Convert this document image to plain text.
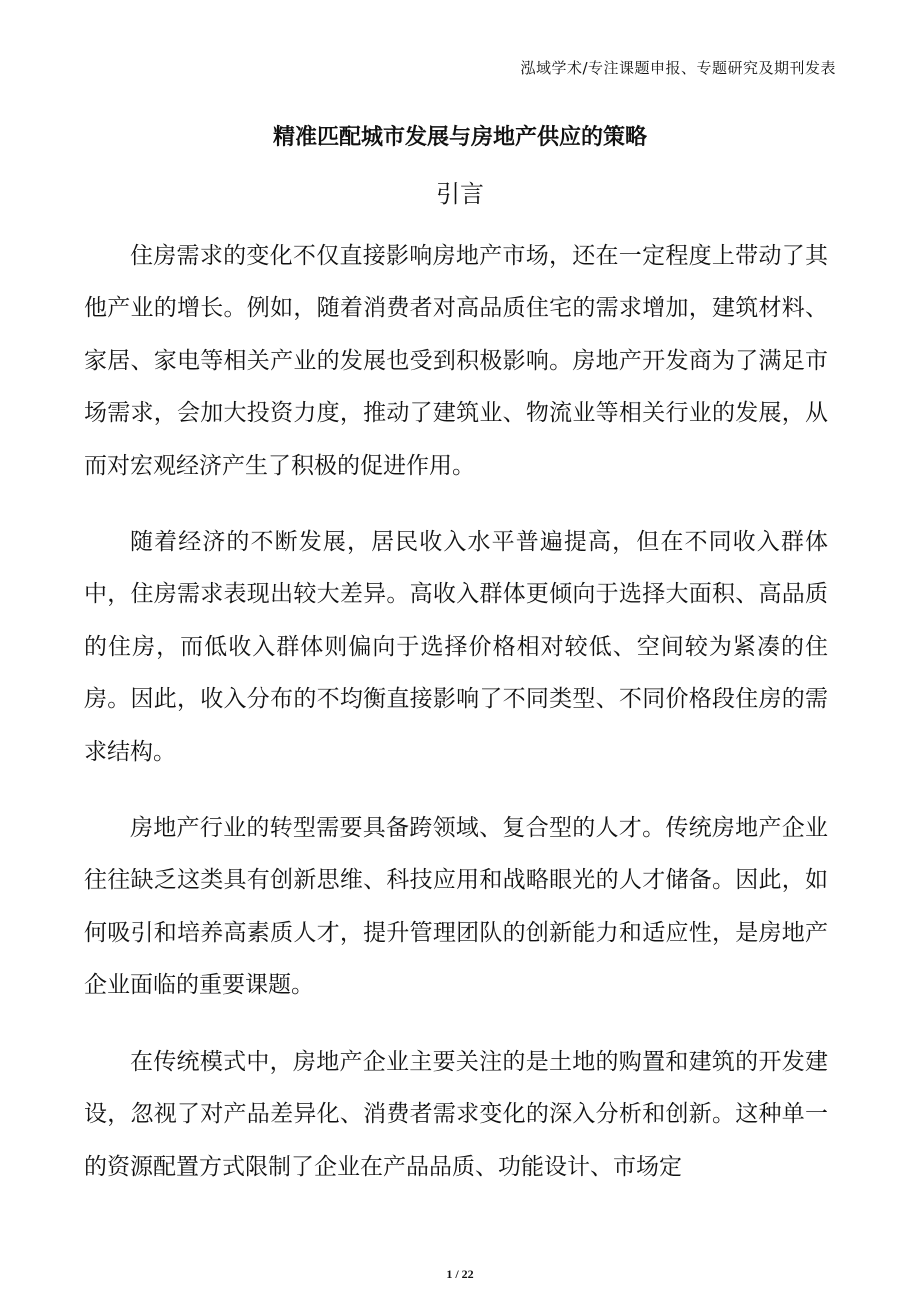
泓域学术/专注课题申报、专题研究及期刊发表
精准匹配城市发展与房地产供应的策略
引言

住房需求的变化不仅直接影响房地产市场，还在一定程度上带动了其他产业的增长。例如，随着消费者对高品质住宅的需求增加，建筑材料、家居、家电等相关产业的发展也受到积极影响。房地产开发商为了满足市场需求，会加大投资力度，推动了建筑业、物流业等相关行业的发展，从而对宏观经济产生了积极的促进作用。

随着经济的不断发展，居民收入水平普遍提高，但在不同收入群体中，住房需求表现出较大差异。高收入群体更倾向于选择大面积、高品质的住房，而低收入群体则偏向于选择价格相对较低、空间较为紧凑的住房。因此，收入分布的不均衡直接影响了不同类型、不同价格段住房的需求结构。

房地产行业的转型需要具备跨领域、复合型的人才。传统房地产企业往往缺乏这类具有创新思维、科技应用和战略眼光的人才储备。因此，如何吸引和培养高素质人才，提升管理团队的创新能力和适应性，是房地产企业面临的重要课题。

在传统模式中，房地产企业主要关注的是土地的购置和建筑的开发建设，忽视了对产品差异化、消费者需求变化的深入分析和创新。这种单一的资源配置方式限制了企业在产品品质、功能设计、市场定

1 / 22
